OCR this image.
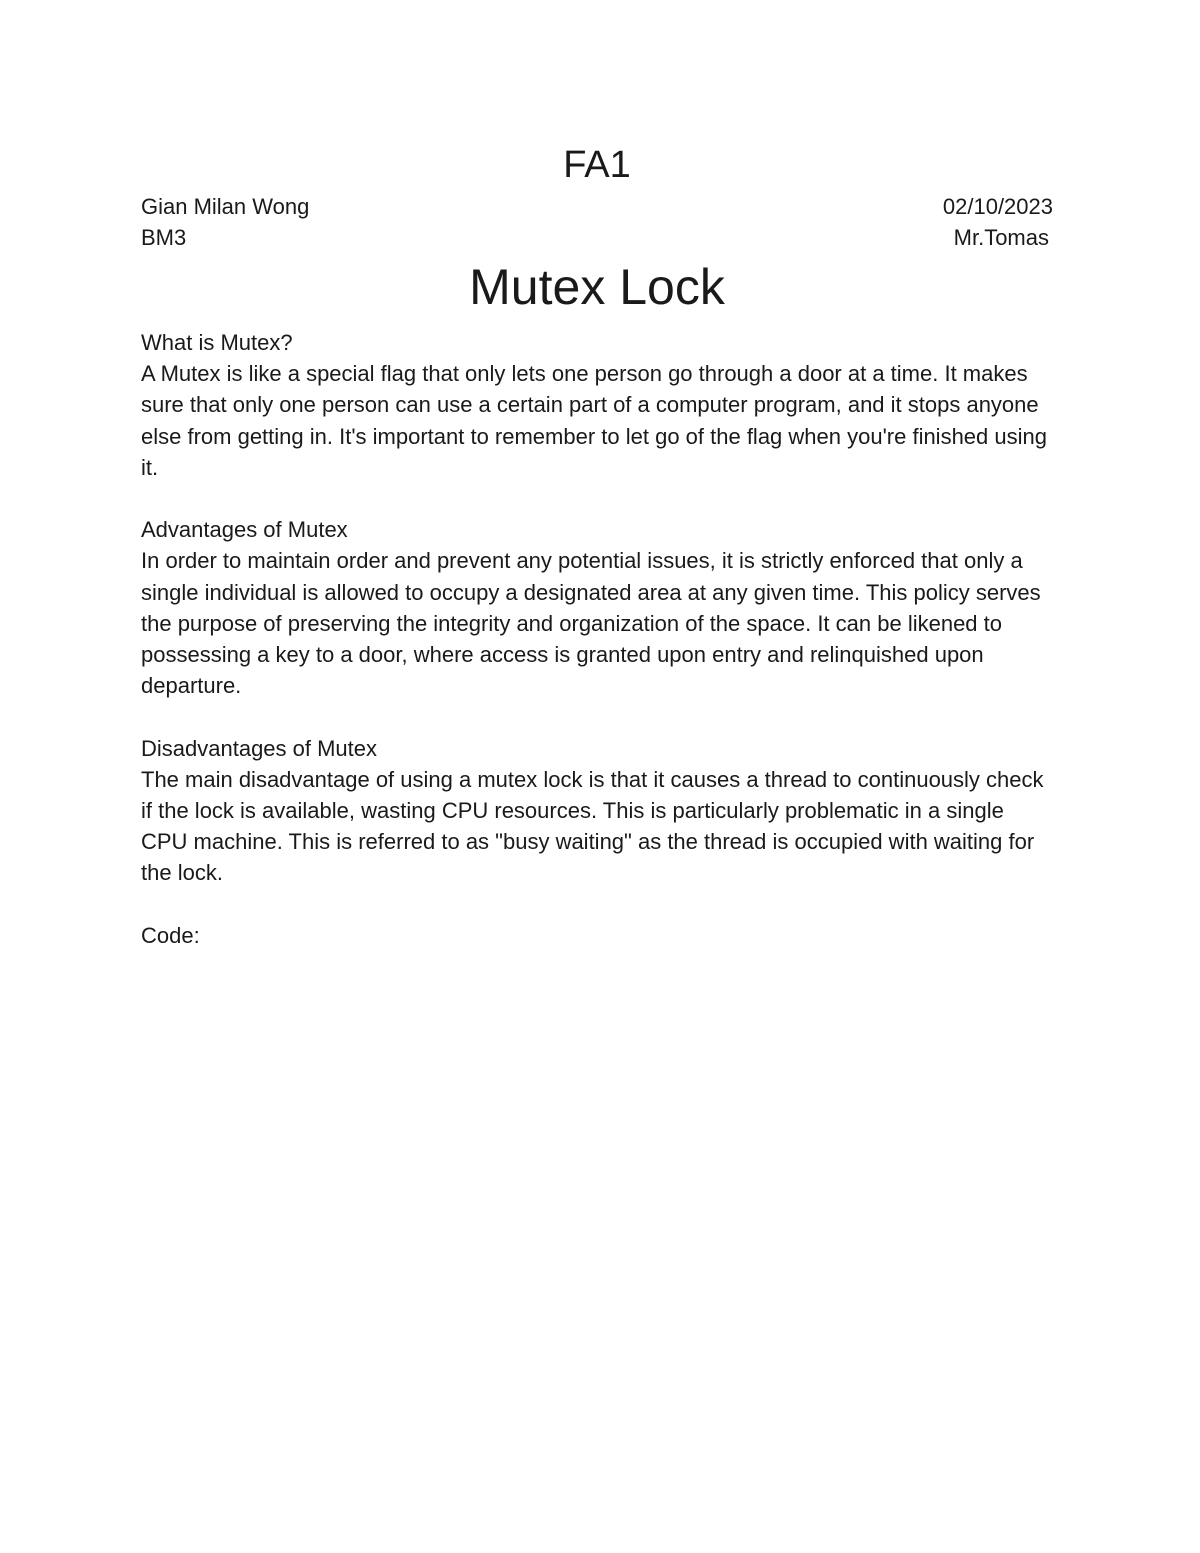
FA1
Gian Milan Wong	02/10/2023
BM3	Mr.Tomas
Mutex Lock
What is Mutex?

A Mutex is like a special flag that only lets one person go through a door at a time. It makes sure that only one person can use a certain part of a computer program, and it stops anyone else from getting in. It's important to remember to let go of the flag when you're finished using it.

Advantages of Mutex

In order to maintain order and prevent any potential issues, it is strictly enforced that only a single individual is allowed to occupy a designated area at any given time. This policy serves the purpose of preserving the integrity and organization of the space. It can be likened to possessing a key to a door, where access is granted upon entry and relinquished upon departure.

Disadvantages of Mutex

The main disadvantage of using a mutex lock is that it causes a thread to continuously check if the lock is available, wasting CPU resources. This is particularly problematic in a single CPU machine. This is referred to as "busy waiting" as the thread is occupied with waiting for the lock.

Code:
